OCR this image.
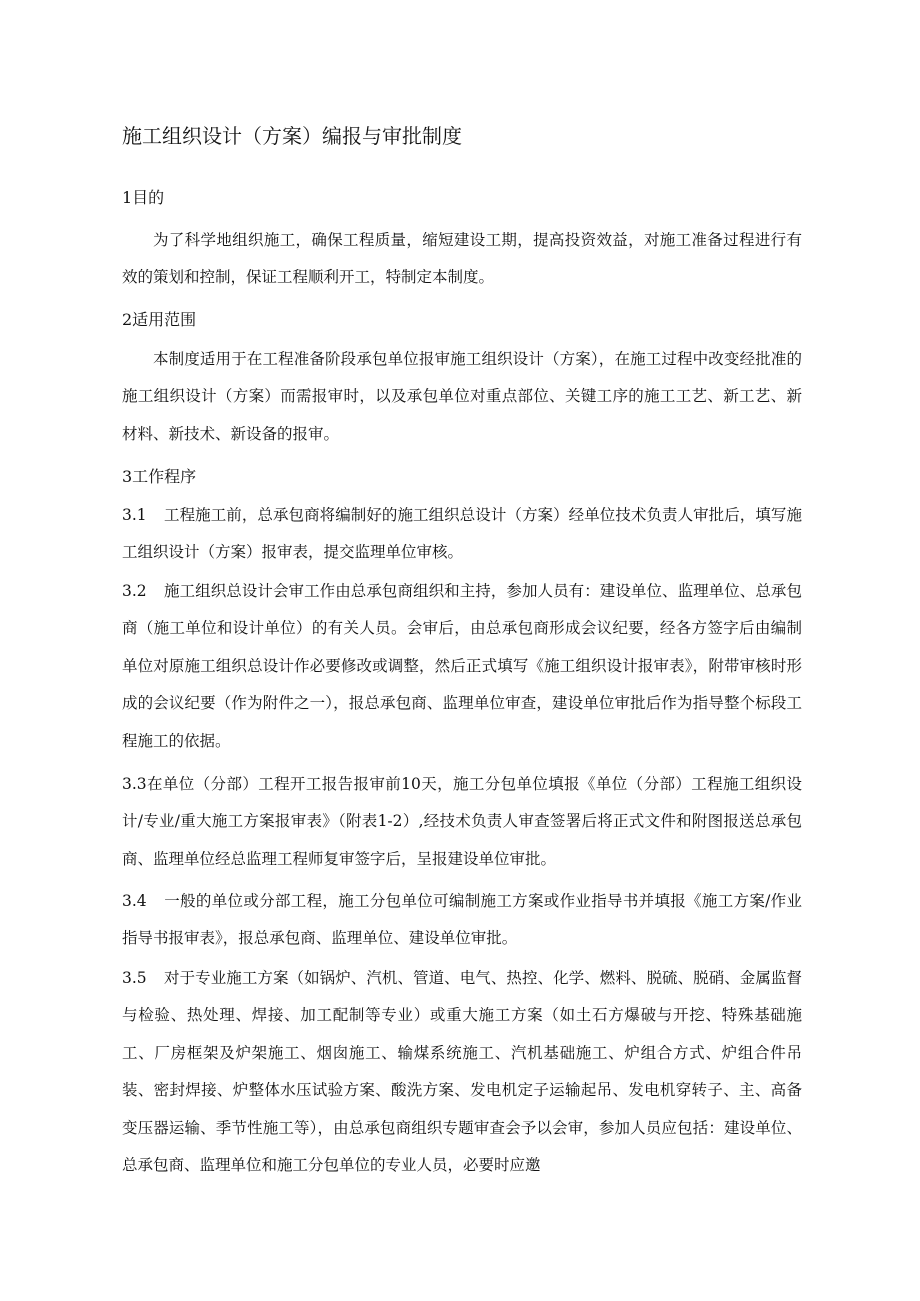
施工组织设计（方案）编报与审批制度
1目的

为了科学地组织施工，确保工程质量，缩短建设工期，提高投资效益，对施工准备过程进行有效的策划和控制，保证工程顺利开工，特制定本制度。

2适用范围

本制度适用于在工程准备阶段承包单位报审施工组织设计（方案），在施工过程中改变经批准的施工组织设计（方案）而需报审时，以及承包单位对重点部位、关键工序的施工工艺、新工艺、新材料、新技术、新设备的报审。

3工作程序

3.1 工程施工前，总承包商将编制好的施工组织总设计（方案）经单位技术负责人审批后，填写施工组织设计（方案）报审表，提交监理单位审核。

3.2 施工组织总设计会审工作由总承包商组织和主持，参加人员有：建设单位、监理单位、总承包商（施工单位和设计单位）的有关人员。会审后，由总承包商形成会议纪要，经各方签字后由编制单位对原施工组织总设计作必要修改或调整，然后正式填写《施工组织设计报审表》，附带审核时形成的会议纪要（作为附件之一），报总承包商、监理单位审查，建设单位审批后作为指导整个标段工程施工的依据。

3.3在单位（分部）工程开工报告报审前10天，施工分包单位填报《单位（分部）工程施工组织设计/专业/重大施工方案报审表》（附表1-2）,经技术负责人审查签署后将正式文件和附图报送总承包商、监理单位经总监理工程师复审签字后，呈报建设单位审批。

3.4 一般的单位或分部工程，施工分包单位可编制施工方案或作业指导书并填报《施工方案/作业指导书报审表》，报总承包商、监理单位、建设单位审批。

3.5 对于专业施工方案（如锅炉、汽机、管道、电气、热控、化学、燃料、脱硫、脱硝、金属监督与检验、热处理、焊接、加工配制等专业）或重大施工方案（如土石方爆破与开挖、特殊基础施工、厂房框架及炉架施工、烟囱施工、输煤系统施工、汽机基础施工、炉组合方式、炉组合件吊装、密封焊接、炉整体水压试验方案、酸洗方案、发电机定子运输起吊、发电机穿转子、主、高备变压器运输、季节性施工等），由总承包商组织专题审查会予以会审，参加人员应包括：建设单位、总承包商、监理单位和施工分包单位的专业人员，必要时应邀
